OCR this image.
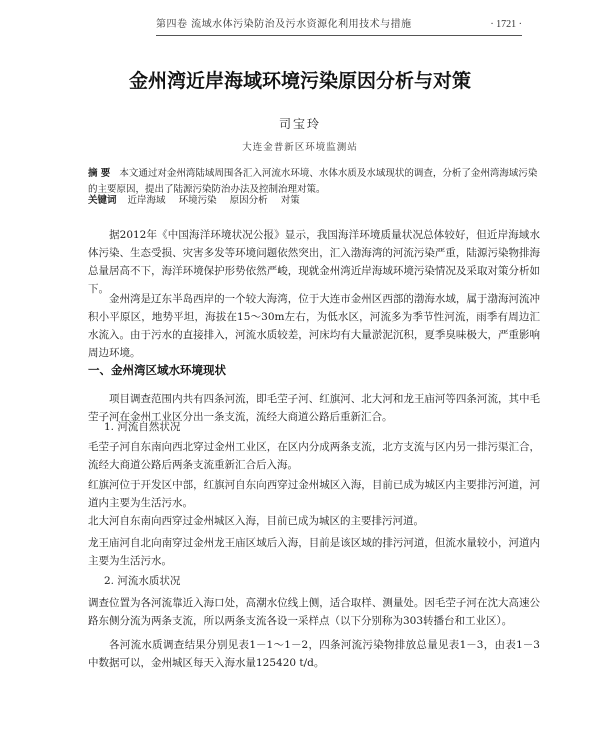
第四卷 流域水体污染防治及污水资源化利用技术与措施	· 1721 ·
金州湾近岸海域环境污染原因分析与对策
司宝玲
大连金普新区环境监测站
摘 要 本文通过对金州湾陆域周围各汇入河流水环境、水体水质及水域现状的调查，分析了金州湾海域污染的主要原因，提出了陆源污染防治办法及控制治理对策。
关键词 近岸海域 环境污染 原因分析 对策

据2012年《中国海洋环境状况公报》显示，我国海洋环境质量状况总体较好，但近岸海域水体污染、生态受损、灾害多发等环境问题依然突出，汇入渤海湾的河流污染严重，陆源污染物排海总量居高不下，海洋环境保护形势依然严峻，现就金州湾近岸海域环境污染情况及采取对策分析如下。

金州湾是辽东半岛西岸的一个较大海湾，位于大连市金州区西部的渤海水域，属于渤海河流冲积小平原区，地势平坦，海拔在15～30m左右，为低水区，河流多为季节性河流，雨季有周边汇水流入。由于污水的直接排入，河流水质较差，河床均有大量淤泥沉积，夏季臭味极大，严重影响周边环境。

一、金州湾区域水环境现状

项目调查范围内共有四条河流，即毛茔子河、红旗河、北大河和龙王庙河等四条河流，其中毛茔子河在金州工业区分出一条支流，流经大商道公路后重新汇合。

1. 河流自然状况

毛茔子河自东南向西北穿过金州工业区，在区内分成两条支流，北方支流与区内另一排污渠汇合，流经大商道公路后两条支流重新汇合后入海。

红旗河位于开发区中部，红旗河自东向西穿过金州城区入海，目前已成为城区内主要排污河道，河道内主要为生活污水。

北大河自东南向西穿过金州城区入海，目前已成为城区的主要排污河道。

龙王庙河自北向南穿过金州龙王庙区域后入海，目前是该区域的排污河道，但流水量较小，河道内主要为生活污水。

2. 河流水质状况

调查位置为各河流靠近入海口处，高潮水位线上侧，适合取样、测量处。因毛茔子河在沈大高速公路东侧分流为两条支流，所以两条支流各设一采样点（以下分别称为303转播台和工业区）。

各河流水质调查结果分别见表1－1～1－2，四条河流污染物排放总量见表1－3，由表1－3中数据可以，金州城区每天入海水量125420 t/d。
